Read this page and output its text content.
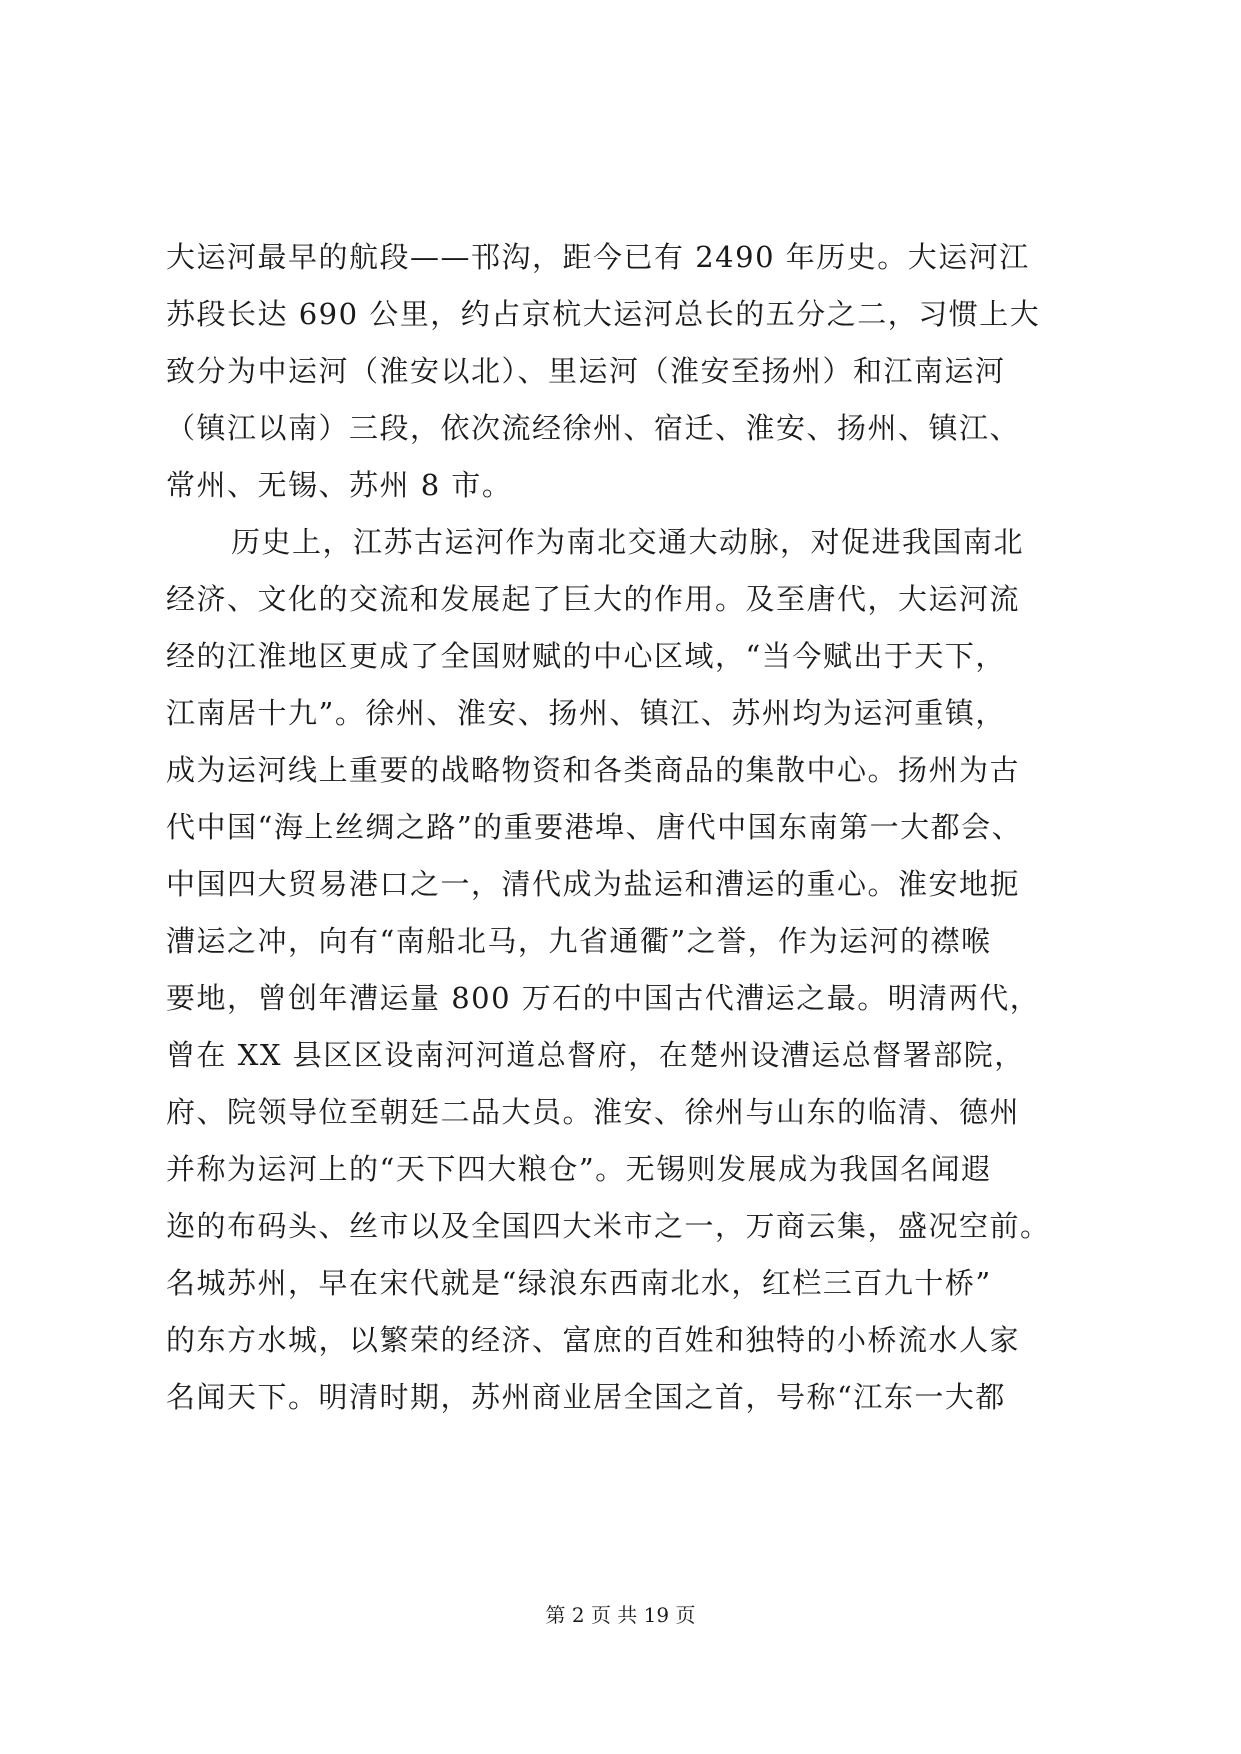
大运河最早的航段——邗沟，距今已有 2490 年历史。大运河江
苏段长达 690 公里，约占京杭大运河总长的五分之二，习惯上大
致分为中运河（淮安以北）、里运河（淮安至扬州）和江南运河
（镇江以南）三段，依次流经徐州、宿迁、淮安、扬州、镇江、
常州、无锡、苏州 8 市。
历史上，江苏古运河作为南北交通大动脉，对促进我国南北
经济、文化的交流和发展起了巨大的作用。及至唐代，大运河流
经的江淮地区更成了全国财赋的中心区域，“当今赋出于天下，
江南居十九”。徐州、淮安、扬州、镇江、苏州均为运河重镇，
成为运河线上重要的战略物资和各类商品的集散中心。扬州为古
代中国“海上丝绸之路”的重要港埠、唐代中国东南第一大都会、
中国四大贸易港口之一，清代成为盐运和漕运的重心。淮安地扼
漕运之冲，向有“南船北马，九省通衢”之誉，作为运河的襟喉
要地，曾创年漕运量 800 万石的中国古代漕运之最。明清两代，
曾在 XX 县区区设南河河道总督府，在楚州设漕运总督署部院，
府、院领导位至朝廷二品大员。淮安、徐州与山东的临清、德州
并称为运河上的“天下四大粮仓”。无锡则发展成为我国名闻遐
迩的布码头、丝市以及全国四大米市之一，万商云集，盛况空前。
名城苏州，早在宋代就是“绿浪东西南北水，红栏三百九十桥”
的东方水城，以繁荣的经济、富庶的百姓和独特的小桥流水人家
名闻天下。明清时期，苏州商业居全国之首，号称“江东一大都
第 2 页 共 19 页
